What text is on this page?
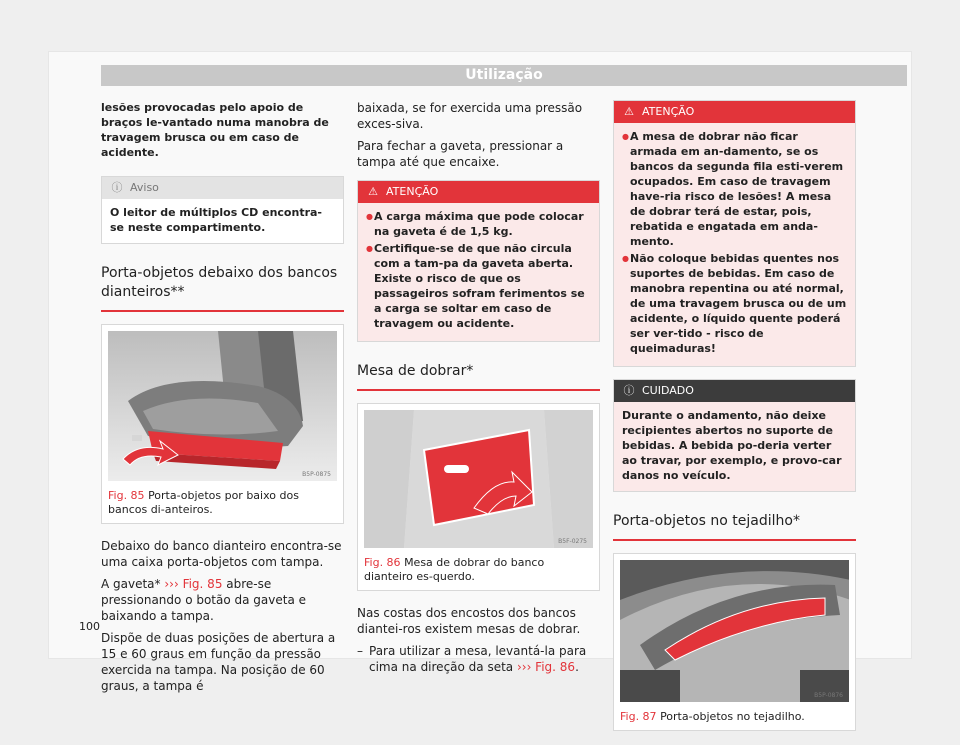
Utilização

lesões provocadas pelo apoio de braços le-vantado numa manobra de travagem brusca ou em caso de acidente.

ⓘ Aviso
O leitor de múltiplos CD encontra-se neste compartimento.
Porta-objetos debaixo dos bancos dianteiros**
B5P-0875
Fig. 85 Porta-objetos por baixo dos bancos di-anteiros.

Debaixo do banco dianteiro encontra-se uma caixa porta-objetos com tampa.

A gaveta* ››› Fig. 85 abre-se pressionando o botão da gaveta e baixando a tampa.

Dispõe de duas posições de abertura a 15 e 60 graus em função da pressão exercida na tampa. Na posição de 60 graus, a tampa é

baixada, se for exercida uma pressão exces-siva.

Para fechar a gaveta, pressionar a tampa até que encaixe.

⚠ ATENÇÃO
● A carga máxima que pode colocar na gaveta é de 1,5 kg.
● Certifique-se de que não circula com a tam-pa da gaveta aberta. Existe o risco de que os passageiros sofram ferimentos se a carga se soltar em caso de travagem ou acidente.
Mesa de dobrar*
B5F-0275
Fig. 86 Mesa de dobrar do banco dianteiro es-querdo.

Nas costas dos encostos dos bancos diantei-ros existem mesas de dobrar.

– Para utilizar a mesa, levantá-la para cima na direção da seta ››› Fig. 86.

⚠ ATENÇÃO
● A mesa de dobrar não ficar armada em an-damento, se os bancos da segunda fila esti-verem ocupados. Em caso de travagem have-ria risco de lesões! A mesa de dobrar terá de estar, pois, rebatida e engatada em anda-mento.
● Não coloque bebidas quentes nos suportes de bebidas. Em caso de manobra repentina ou até normal, de uma travagem brusca ou de um acidente, o líquido quente poderá ser ver-tido - risco de queimaduras!
ⓘ CUIDADO
Durante o andamento, não deixe recipientes abertos no suporte de bebidas. A bebida po-deria verter ao travar, por exemplo, e provo-car danos no veículo.
Porta-objetos no tejadilho*
B5P-0876
Fig. 87 Porta-objetos no tejadilho.
100
